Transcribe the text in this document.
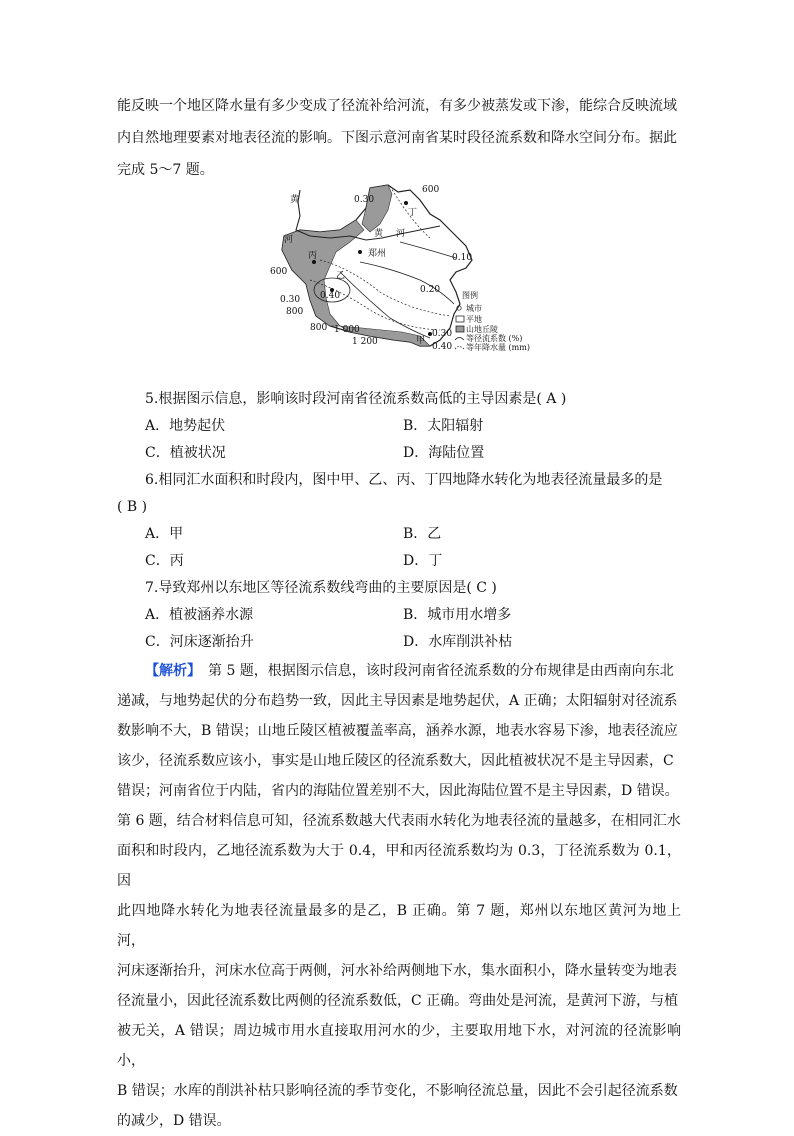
能反映一个地区降水量有多少变成了径流补给河流，有多少被蒸发或下渗，能综合反映流域

内自然地理要素对地表径流的影响。下图示意河南省某时段径流系数和降水空间分布。据此

完成 5～7 题。

黄
河
黄 河
郑州
甲
乙
丙
丁
600
0.30
0.10
0.20
600
0.40
0.30
800
800 1 000	0.30
0.40
1 200
图例
城市
平地
山地丘陵
等径流系数 (%)
等年降水量 (mm)
5.根据图示信息，影响该时段河南省径流系数高低的主导因素是( A )
A．地势起伏	B．太阳辐射
C．植被状况	D．海陆位置
6.相同汇水面积和时段内，图中甲、乙、丙、丁四地降水转化为地表径流量最多的是
( B )
A．甲	B．乙
C．丙	D．丁
7.导致郑州以东地区等径流系数线弯曲的主要原因是( C )
A．植被涵养水源	B．城市用水增多
C．河床逐渐抬升	D．水库削洪补枯

【解析】　第 5 题，根据图示信息，该时段河南省径流系数的分布规律是由西南向东北

递减，与地势起伏的分布趋势一致，因此主导因素是地势起伏，A 正确；太阳辐射对径流系

数影响不大，B 错误；山地丘陵区植被覆盖率高，涵养水源，地表水容易下渗，地表径流应

该少，径流系数应该小，事实是山地丘陵区的径流系数大，因此植被状况不是主导因素，C

错误；河南省位于内陆，省内的海陆位置差别不大，因此海陆位置不是主导因素，D 错误。

第 6 题，结合材料信息可知，径流系数越大代表雨水转化为地表径流的量越多，在相同汇水

面积和时段内，乙地径流系数为大于 0.4，甲和丙径流系数均为 0.3，丁径流系数为 0.1，因

此四地降水转化为地表径流量最多的是乙，B 正确。第 7 题，郑州以东地区黄河为地上河，

河床逐渐抬升，河床水位高于两侧，河水补给两侧地下水，集水面积小，降水量转变为地表

径流量小，因此径流系数比两侧的径流系数低，C 正确。弯曲处是河流，是黄河下游，与植

被无关，A 错误；周边城市用水直接取用河水的少，主要取用地下水，对河流的径流影响小，

B 错误；水库的削洪补枯只影响径流的季节变化，不影响径流总量，因此不会引起径流系数

的减少，D 错误。
